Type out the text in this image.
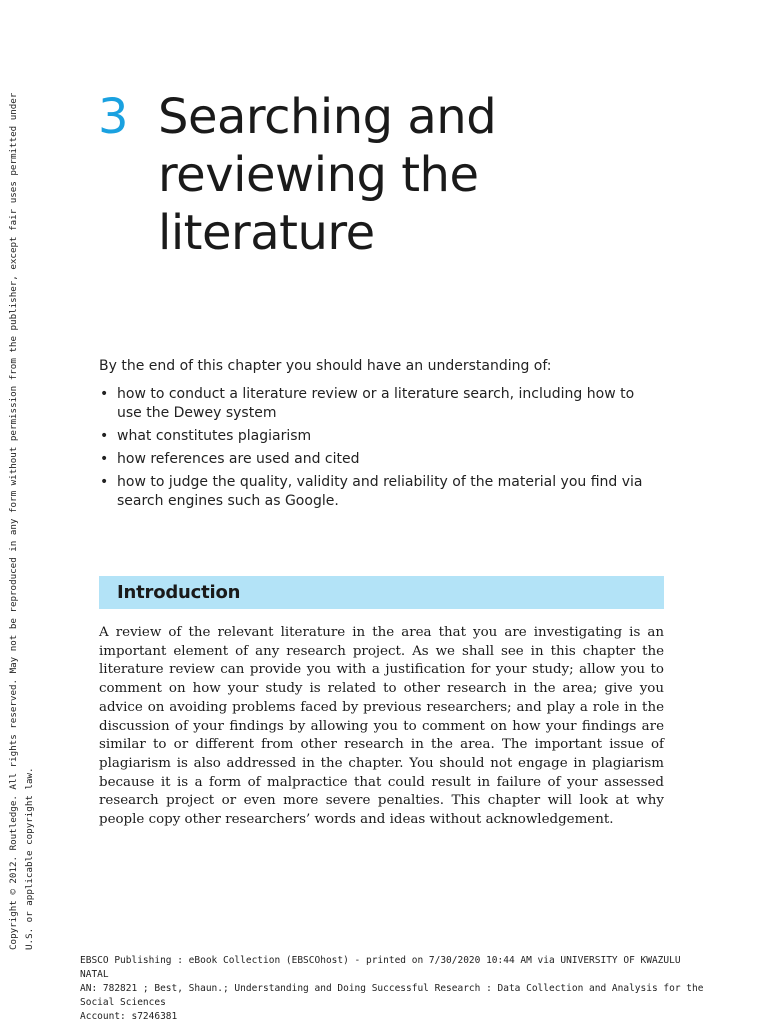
Copyright © 2012. Routledge. All rights reserved. May not be reproduced in any form without permission from the publisher, except fair uses permitted under U.S. or applicable copyright law.
3 Searching and reviewing the literature

By the end of this chapter you should have an understanding of:

• how to conduct a literature review or a literature search, including how to use the Dewey system
• what constitutes plagiarism
• how references are used and cited
• how to judge the quality, validity and reliability of the material you find via search engines such as Google.
Introduction

A review of the relevant literature in the area that you are investigating is an important element of any research project. As we shall see in this chapter the literature review can provide you with a justification for your study; allow you to comment on how your study is related to other research in the area; give you advice on avoiding problems faced by previous researchers; and play a role in the discussion of your findings by allowing you to comment on how your findings are similar to or different from other research in the area. The important issue of plagiarism is also addressed in the chapter. You should not engage in plagiarism because it is a form of malpractice that could result in failure of your assessed research project or even more severe penalties. This chapter will look at why people copy other researchers’ words and ideas without acknowledgement.

EBSCO Publishing : eBook Collection (EBSCOhost) - printed on 7/30/2020 10:44 AM via UNIVERSITY OF KWAZULU NATAL

AN: 782821 ; Best, Shaun.; Understanding and Doing Successful Research : Data Collection and Analysis for the Social Sciences

Account: s7246381
